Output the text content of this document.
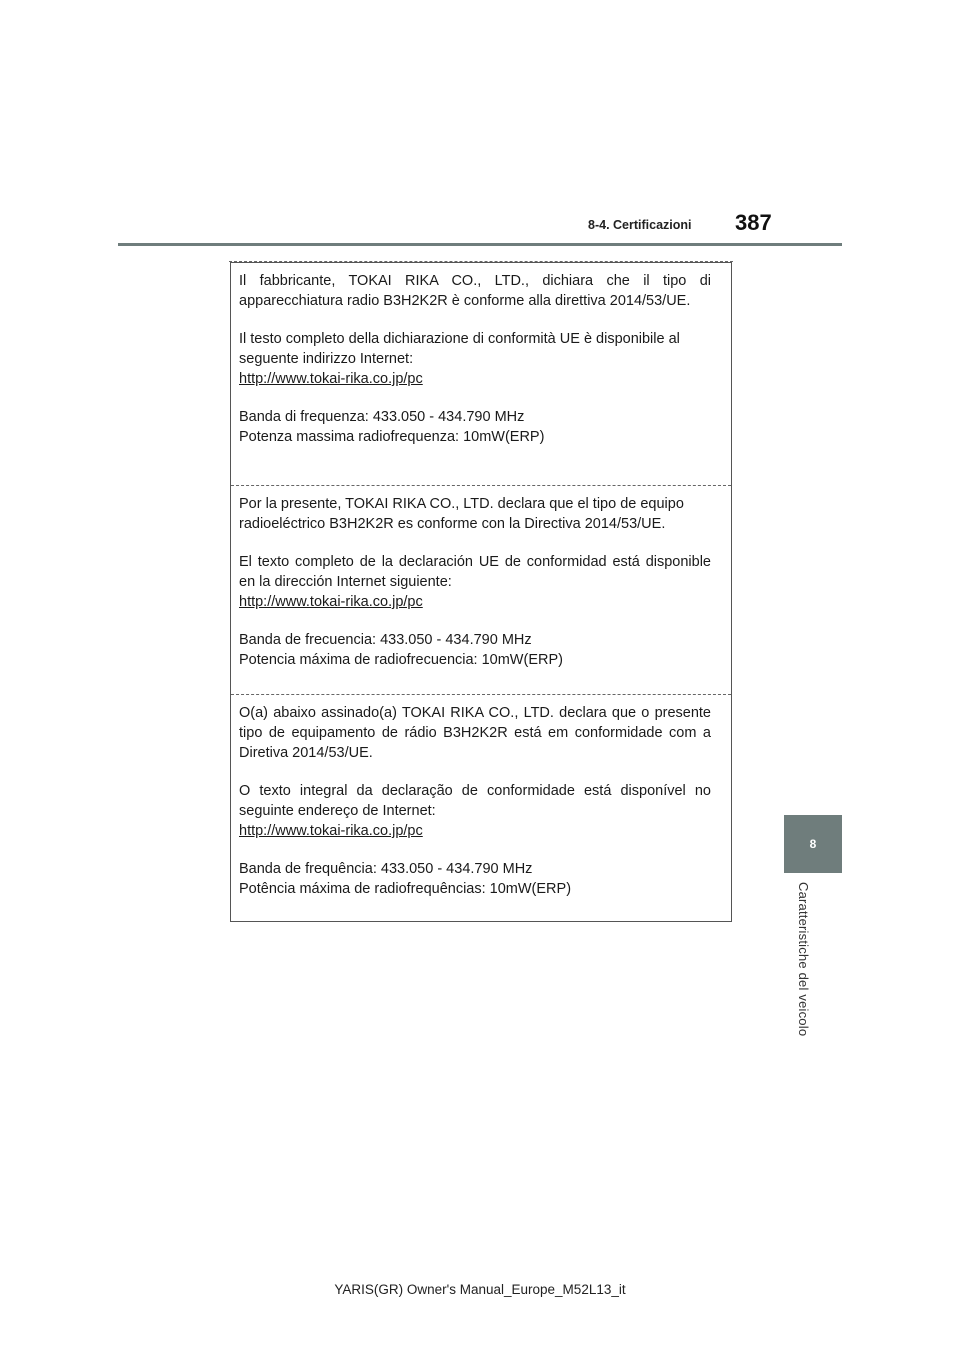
8-4. Certificazioni 387
8
Caratteristiche del veicolo

Il fabbricante, TOKAI RIKA CO., LTD., dichiara che il tipo di apparecchiatura radio B3H2K2R è conforme alla direttiva 2014/53/UE.

Il testo completo della dichiarazione di conformità UE è disponibile al seguente indirizzo Internet:

http://www.tokai-rika.co.jp/pc

Banda di frequenza: 433.050 - 434.790 MHz

Potenza massima radiofrequenza: 10mW(ERP)

Por la presente, TOKAI RIKA CO., LTD. declara que el tipo de equipo radioeléctrico B3H2K2R es conforme con la Directiva 2014/53/UE.

El texto completo de la declaración UE de conformidad está disponible en la dirección Internet siguiente:

http://www.tokai-rika.co.jp/pc

Banda de frecuencia: 433.050 - 434.790 MHz

Potencia máxima de radiofrecuencia: 10mW(ERP)

O(a) abaixo assinado(a) TOKAI RIKA CO., LTD. declara que o presente tipo de equipamento de rádio B3H2K2R está em conformidade com a Diretiva 2014/53/UE.

O texto integral da declaração de conformidade está disponível no seguinte endereço de Internet:

http://www.tokai-rika.co.jp/pc

Banda de frequência: 433.050 - 434.790 MHz

Potência máxima de radiofrequências: 10mW(ERP)

YARIS(GR) Owner's Manual_Europe_M52L13_it
